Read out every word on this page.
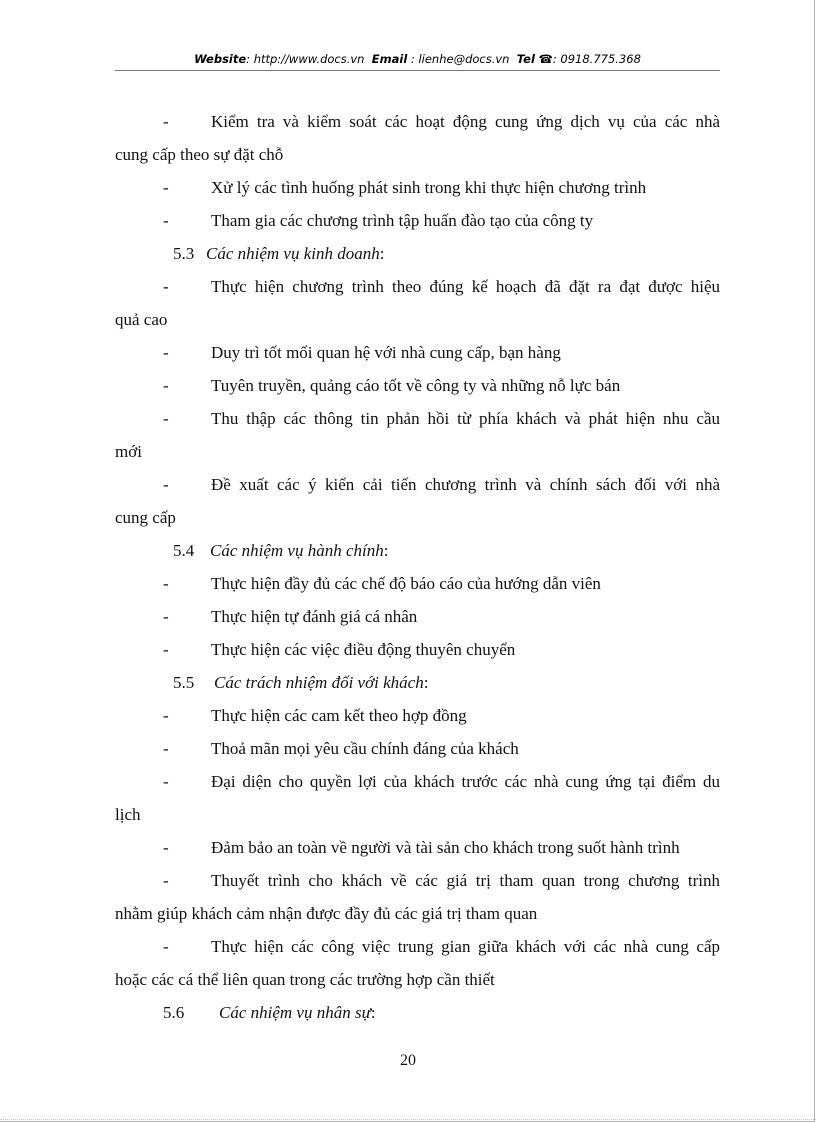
Website: http://www.docs.vn Email : lienhe@docs.vn Tel ☎: 0918.775.368
- Kiểm tra và kiểm soát các hoạt động cung ứng dịch vụ của các nhà
cung cấp theo sự đặt chỗ
- Xử lý các tình huống phát sinh trong khi thực hiện chương trình
- Tham gia các chương trình tập huấn đào tạo của công ty
5.3 Các nhiệm vụ kinh doanh:
- Thực hiện chương trình theo đúng kế hoạch đã đặt ra đạt được hiệu
quả cao
- Duy trì tốt mối quan hệ với nhà cung cấp, bạn hàng
- Tuyên truyền, quảng cáo tốt về công ty và những nỗ lực bán
- Thu thập các thông tin phản hồi từ phía khách và phát hiện nhu cầu
mới
- Đề xuất các ý kiến cải tiến chương trình và chính sách đối với nhà
cung cấp
5.4 Các nhiệm vụ hành chính:
- Thực hiện đầy đủ các chế độ báo cáo của hướng dẫn viên
- Thực hiện tự đánh giá cá nhân
- Thực hiện các việc điều động thuyên chuyển
5.5 Các trách nhiệm đối với khách:
- Thực hiện các cam kết theo hợp đồng
- Thoả mãn mọi yêu cầu chính đáng của khách
- Đại diện cho quyền lợi của khách trước các nhà cung ứng tại điểm du
lịch
- Đảm bảo an toàn về người và tài sản cho khách trong suốt hành trình
- Thuyết trình cho khách về các giá trị tham quan trong chương trình
nhằm giúp khách cảm nhận được đầy đủ các giá trị tham quan
- Thực hiện các công việc trung gian giữa khách với các nhà cung cấp
hoặc các cá thể liên quan trong các trường hợp cần thiết
5.6 Các nhiệm vụ nhân sự:
20
